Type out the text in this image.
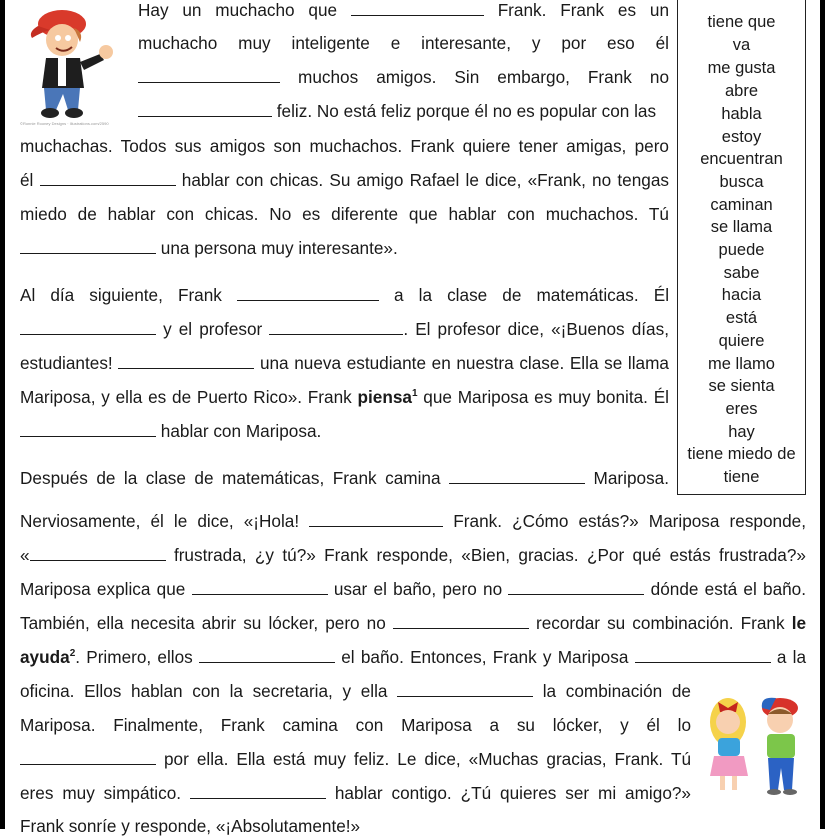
©Ronnie Rooney Designs · Illustrations.com/2590
tiene que
va
me gusta
abre
habla
estoy
encuentran
busca
caminan
se llama
puede
sabe
hacia
está
quiere
me llamo
se sienta
eres
hay
tiene miedo de
tiene
Hay un muchacho que	Frank. Frank es un
muchacho muy inteligente e interesante, y por eso él
muchos amigos. Sin embargo, Frank no
feliz. No está feliz porque él no es popular con las
muchachas. Todos sus amigos son muchachos. Frank quiere tener amigas, pero
él	hablar con chicas. Su amigo Rafael le dice, «Frank, no tengas
miedo de hablar con chicas. No es diferente que hablar con muchachos. Tú
una persona muy interesante».
Al día siguiente, Frank	a la clase de matemáticas. Él
y el profesor	. El profesor dice, «¡Buenos días,
estudiantes!	una nueva estudiante en nuestra clase. Ella se llama
Mariposa, y ella es de Puerto Rico». Frank piensa$^1$ que Mariposa es muy bonita. Él
hablar con Mariposa.
Después de la clase de matemáticas, Frank camina	Mariposa.
Nerviosamente, él le dice, «¡Hola!	Frank. ¿Cómo estás?» Mariposa responde,
«	frustrada, ¿y tú?» Frank responde, «Bien, gracias. ¿Por qué estás frustrada?»
Mariposa explica que	usar el baño, pero no	dónde está el baño.
También, ella necesita abrir su lócker, pero no	recordar su combinación. Frank le
ayuda$^2$. Primero, ellos	el baño. Entonces, Frank y Mariposa	a la
oficina. Ellos hablan con la secretaria, y ella	la combinación de
Mariposa. Finalmente, Frank camina con Mariposa a su lócker, y él lo
por ella. Ella está muy feliz. Le dice, «Muchas gracias, Frank. Tú
eres muy simpático.	hablar contigo. ¿Tú quieres ser mi amigo?»
Frank sonríe y responde, «¡Absolutamente!»
